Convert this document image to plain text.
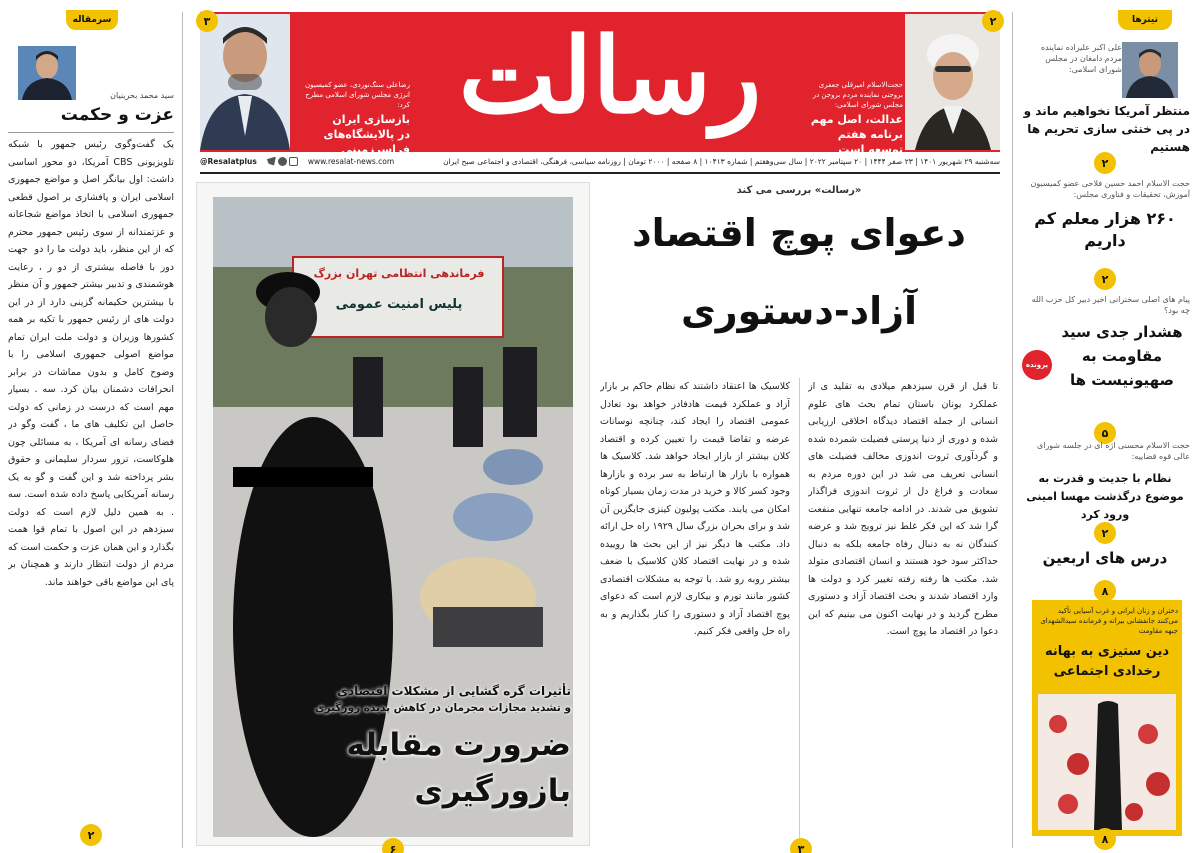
۲
حجت‌الاسلام امیرقلی جعفری بروجنی نماینده مردم بروجن در مجلس شورای اسلامی:
عدالت، اصل مهم
برنامه هفتم توسعه است
رسالت
۳
رضاعلی سنگ‌نوردی، عضو کمیسیون انرژی مجلس شورای اسلامی مطرح کرد:
بازسازی ایران
در پالایشگاه‌های فرا‌سرزمینی
سه‌شنبه ۲۹ شهریور ۱۴۰۱ | ۲۳ صفر ۱۴۴۴ | ۲۰ سپتامبر ۲۰۲۲ | سال سی‌وهفتم | شماره ۱۰۴۱۳ | ۸ صفحه | ۲۰۰۰ تومان | روزنامه سیاسی، فرهنگی، اقتصادی و اجتماعی صبح ایران
www.resalat-news.com
@Resalatplus
سرمقاله
سید محمد بحرینیان
عزت و حکمت
یک گفت‌وگوی رئیس جمهور با شبکه تلویزیونی CBS آمریکا، دو محور اساسی داشت: اول بیانگر اصل و مواضع جمهوری اسلامی ایران و پافشاری بر اصول قطعی جمهوری اسلامی با اتخاذ مواضع شجاعانه و عزتمندانه از سوی رئیس جمهور محترم که از این منظر، باید دولت ما را دو ‌ جهت دور با فاصله بیشتری از دو ر ، رعایت هوشمندی و تدبیر بیشتر جمهور و آن منظر با بیشترین حکیمانه گزینی دارد از در این دولت های از رئیس جمهور با تکیه بر همه کشورها وزیران و دولت ملت ایران تمام مواضع اصولی جمهوری اسلامی را با وضوح کامل و بدون مماشات در برابر انحرافات دشمنان بیان کرد. سه . بسیار مهم است که درست در زمانی که دولت حاصل این تکلیف های ما ، گفت وگو در فضای رسانه ای آمریکا ، به مسائلی چون هلوکاست، ترور سردار سلیمانی و حقوق بشر پرداخته شد و این گفت و گو به یک رسانه آمریکایی پاسخ داده شده است. سه . به همین دلیل لازم است که دولت سیزدهم در این اصول با تمام قوا همت بگذارد و این همان عزت و حکمت است که مردم از دولت انتظار دارند و همچنان بر پای این مواضع باقی خواهند ماند.
۲
فرماندهی انتظامی تهران بزرگ
پلیس امنیت عمومی
تأثیرات گره گشایی از مشکلات اقتصادی
و تشدید مجازات مجرمان در کاهش پدیده زورگیری
ضرورت مقابله
بازورگیری
۶
«رسالت» بررسی می کند
دعوای پوچ اقتصاد
آزاد-دستوری
تا قبل از قرن سیزدهم میلادی به تقلید ی از عملکرد یونان باستان تمام بحث های علوم انسانی از جمله اقتصاد دیدگاه اخلاقی ارزیابی شده و دوری از دنیا پرستی فضیلت شمرده شده و گردآوری ثروت اندوزی مخالف فضیلت های انسانی تعریف می شد در این دوره مردم به سعادت و فراغ دل از ثروت اندوزی فراگذار تشویق می شدند. در ادامه جامعه تنهایی منفعت گرا شد که این فکر غلط نیز ترویج شد و عرضه کنندگان نه به دنبال رفاه جامعه بلکه به دنبال حداکثر سود خود هستند و انسان اقتصادی متولد شد. مکتب ها رفته رفته تغییر کرد و دولت ها وارد اقتصاد شدند و بحث اقتصاد آزاد و دستوری مطرح گردید و در نهایت اکنون می بینیم که این دعوا در اقتصاد ما پوچ است.
کلاسیک ها اعتقاد داشتند که نظام حاکم بر بازار آزاد و عملکرد قیمت هادفادر خواهد بود تعادل عمومی اقتصاد را ایجاد کند، چنانچه نوسانات عرضه و تقاضا قیمت را تعیین کرده و اقتصاد کلان بیشتر از بازار ایجاد خواهد شد. کلاسیک ها همواره با بازار ها ارتباط به سر برده و بازارها وجود کسر کالا و خرید در مدت زمان بسیار کوتاه امکان می یابند. مکتب پولیون کینزی جایگزین آن شد و برای بحران بزرگ سال ۱۹۲۹ راه حل ارائه داد. مکتب ها دیگر نیز از این بحث ها روییده شده و در نهایت اقتصاد کلان کلاسیک با ضعف بیشتر روبه رو شد. با توجه به مشکلات اقتصادی کشور مانند تورم و بیکاری لازم است که دعوای پوچ اقتصاد آزاد و دستوری را کنار بگذاریم و به راه حل واقعی فکر کنیم.
۳
تیترها
علی اکبر علیزاده نماینده مردم دامغان در مجلس شورای اسلامی:
منتظر آمریکا نخواهیم ماند و در پی خنثی سازی تحریم ها هستیم
۲
حجت الاسلام احمد حسین فلاحی عضو کمیسیون آموزش، تحقیقات و فناوری مجلس:
۲۶۰ هزار معلم کم داریم
۲
پیام های اصلی سخنرانی اخیر دبیر کل حزب الله چه بود؟
پرونده
هشدار جدی سید مقاومت به صهیونیست ها
۵
حجت الاسلام محسنی اژه ای در جلسه شورای عالی قوه قضاییه:
نظام با جدیت و قدرت به موضوع درگذشت مهسا امینی ورود کرد
۲
درس های اربعین
۸
دختران و زنان ایرانی و غرب آسیایی تأکید می‌کنند جانفشانی بیرانه و فرمانده سیدالشهدای جبهه مقاومت
دین ستیزی به بهانه رخدادی اجتماعی
۸
